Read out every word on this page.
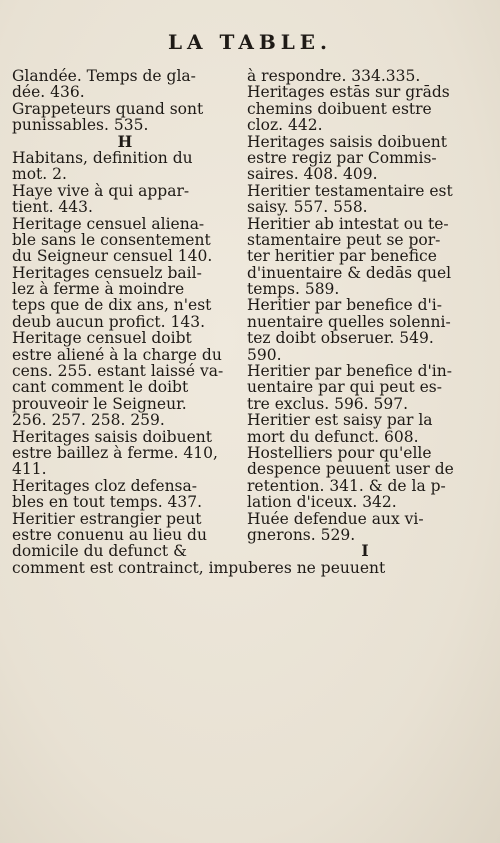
LA TABLE.
Glandée. Temps de gla-
dée. 436.
Grappeteurs quand sont
punissables. 535.
H
Habitans, definition du
mot. 2.
Haye vive à qui appar-
tient. 443.
Heritage censuel aliena-
ble sans le consentement
du Seigneur censuel 140.
Heritages censuelz bail-
lez à ferme à moindre
teps que de dix ans, n'est
deub aucun profict. 143.
Heritage censuel doibt
estre aliené à la charge du
cens. 255. estant laissé va-
cant comment le doibt
prouveoir le Seigneur.
256. 257. 258. 259.
Heritages saisis doibuent
estre baillez à ferme. 410,
411.
Heritages cloz defensa-
bles en tout temps. 437.
Heritier estrangier peut
estre conuenu au lieu du
domicile du defunct &
comment est contrainct, impuberes ne peuuent
à respondre. 334.335.
Heritages estās sur grāds
chemins doibuent estre
cloz. 442.
Heritages saisis doibuent
estre regiz par Commis-
saires. 408. 409.
Heritier testamentaire est
saisy. 557. 558.
Heritier ab intestat ou te-
stamentaire peut se por-
ter heritier par benefice
d'inuentaire & dedās quel
temps. 589.
Heritier par benefice d'i-
nuentaire quelles solenni-
tez doibt obseruer. 549.
590.
Heritier par benefice d'in-
uentaire par qui peut es-
tre exclus. 596. 597.
Heritier est saisy par la
mort du defunct. 608.
Hostelliers pour qu'elle
despence peuuent user de
retention. 341. & de la p-
lation d'iceux. 342.
Huée defendue aux vi-
gnerons. 529.
I
